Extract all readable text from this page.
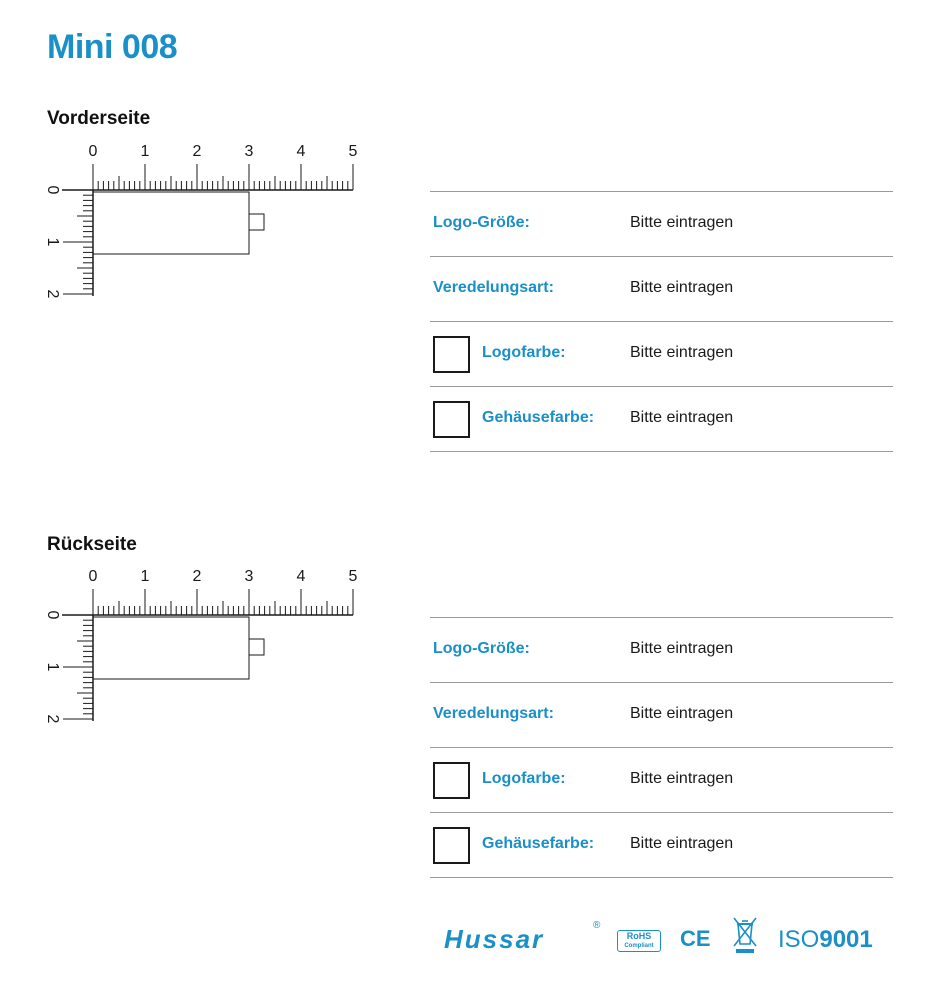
Mini 008
Vorderseite
0	1	2	3	4	5
0
1
2
Logo-Größe:	Bitte eintragen
Veredelungsart:	Bitte eintragen
Logofarbe:	Bitte eintragen
Gehäusefarbe: Bitte eintragen
Rückseite
0	1	2	3	4	5
0
1
2
Logo-Größe:	Bitte eintragen
Veredelungsart:	Bitte eintragen
Logofarbe:	Bitte eintragen
Gehäusefarbe: Bitte eintragen
Hussar	®
RoHS
Compliant CE	ISO9001
